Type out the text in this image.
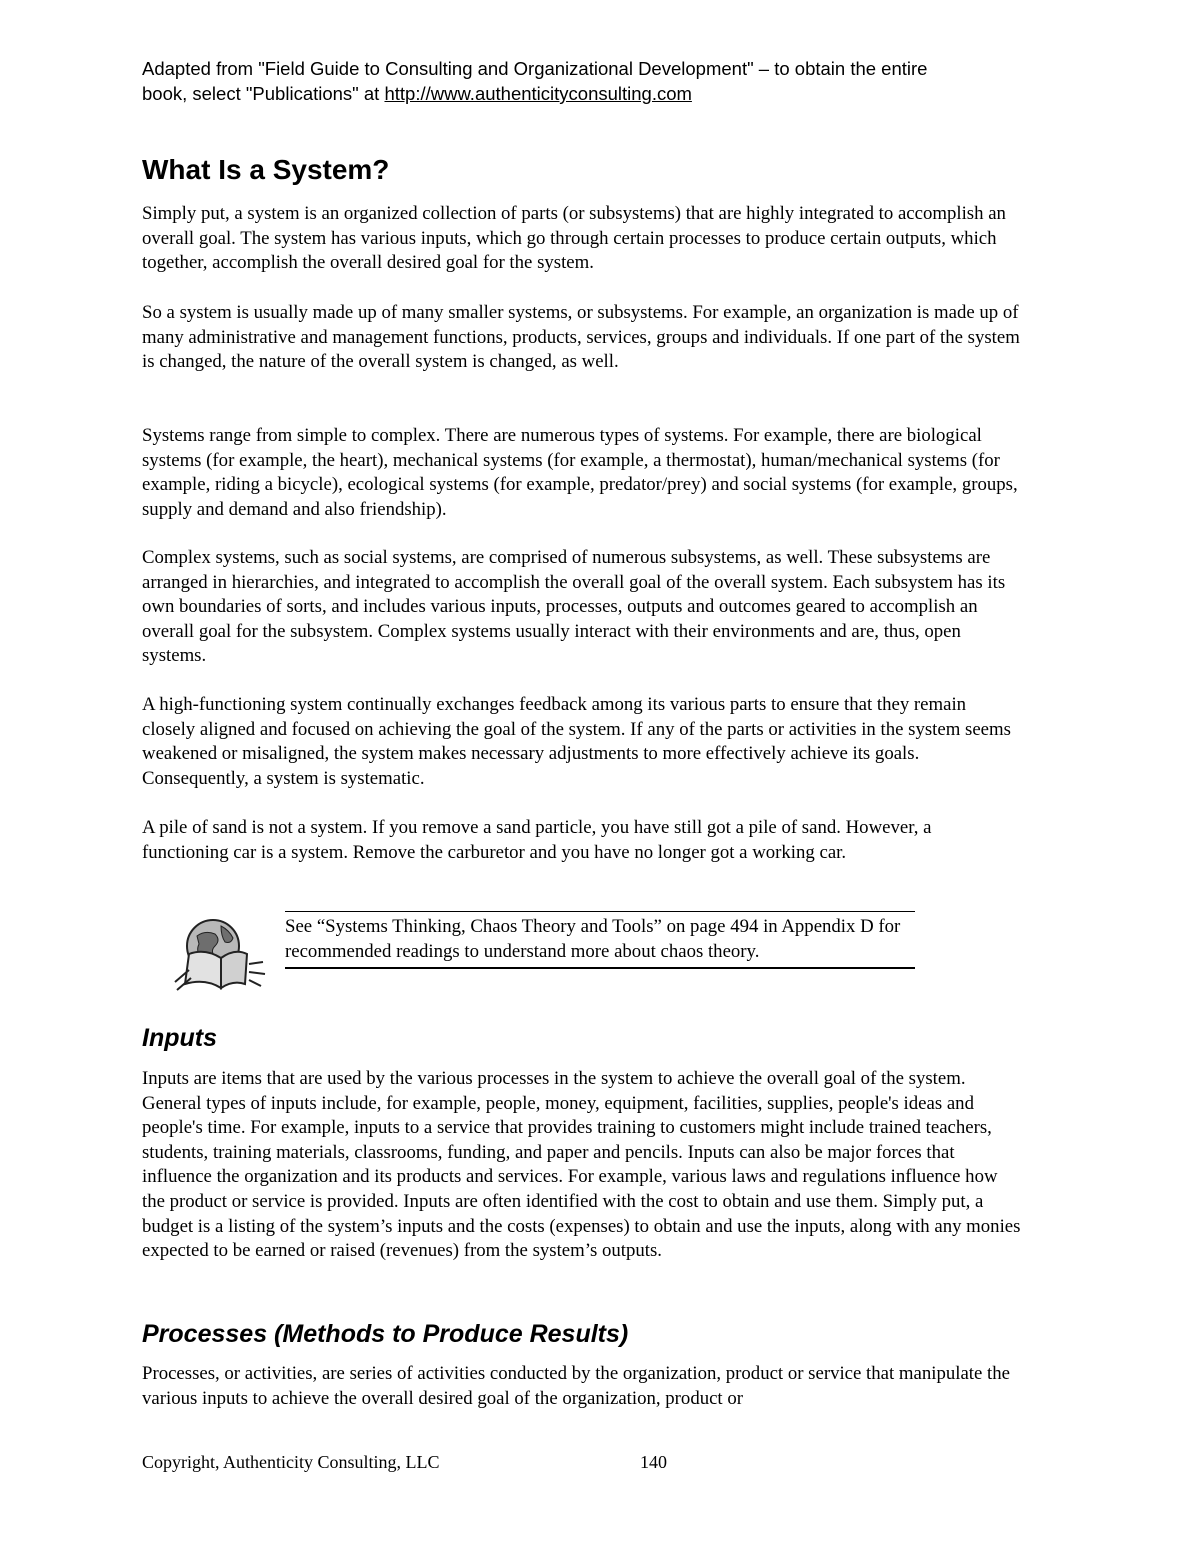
Adapted from "Field Guide to Consulting and Organizational Development" – to obtain the entire
book, select "Publications" at http://www.authenticityconsulting.com
What Is a System?

Simply put, a system is an organized collection of parts (or subsystems) that are highly integrated to accomplish an overall goal. The system has various inputs, which go through certain processes to produce certain outputs, which together, accomplish the overall desired goal for the system.

So a system is usually made up of many smaller systems, or subsystems. For example, an organization is made up of many administrative and management functions, products, services, groups and individuals. If one part of the system is changed, the nature of the overall system is changed, as well.

Systems range from simple to complex. There are numerous types of systems. For example, there are biological systems (for example, the heart), mechanical systems (for example, a thermostat), human/mechanical systems (for example, riding a bicycle), ecological systems (for example, predator/prey) and social systems (for example, groups, supply and demand and also friendship).

Complex systems, such as social systems, are comprised of numerous subsystems, as well. These subsystems are arranged in hierarchies, and integrated to accomplish the overall goal of the overall system. Each subsystem has its own boundaries of sorts, and includes various inputs, processes, outputs and outcomes geared to accomplish an overall goal for the subsystem. Complex systems usually interact with their environments and are, thus, open systems.

A high-functioning system continually exchanges feedback among its various parts to ensure that they remain closely aligned and focused on achieving the goal of the system. If any of the parts or activities in the system seems weakened or misaligned, the system makes necessary adjustments to more effectively achieve its goals. Consequently, a system is systematic.

A pile of sand is not a system. If you remove a sand particle, you have still got a pile of sand. However, a functioning car is a system. Remove the carburetor and you have no longer got a working car.

See “Systems Thinking, Chaos Theory and Tools” on page 494 in Appendix D for recommended readings to understand more about chaos theory.
Inputs

Inputs are items that are used by the various processes in the system to achieve the overall goal of the system. General types of inputs include, for example, people, money, equipment, facilities, supplies, people's ideas and people's time. For example, inputs to a service that provides training to customers might include trained teachers, students, training materials, classrooms, funding, and paper and pencils. Inputs can also be major forces that influence the organization and its products and services. For example, various laws and regulations influence how the product or service is provided. Inputs are often identified with the cost to obtain and use them. Simply put, a budget is a listing of the system’s inputs and the costs (expenses) to obtain and use the inputs, along with any monies expected to be earned or raised (revenues) from the system’s outputs.

Processes (Methods to Produce Results)

Processes, or activities, are series of activities conducted by the organization, product or service that manipulate the various inputs to achieve the overall desired goal of the organization, product or

Copyright, Authenticity Consulting, LLC	140
